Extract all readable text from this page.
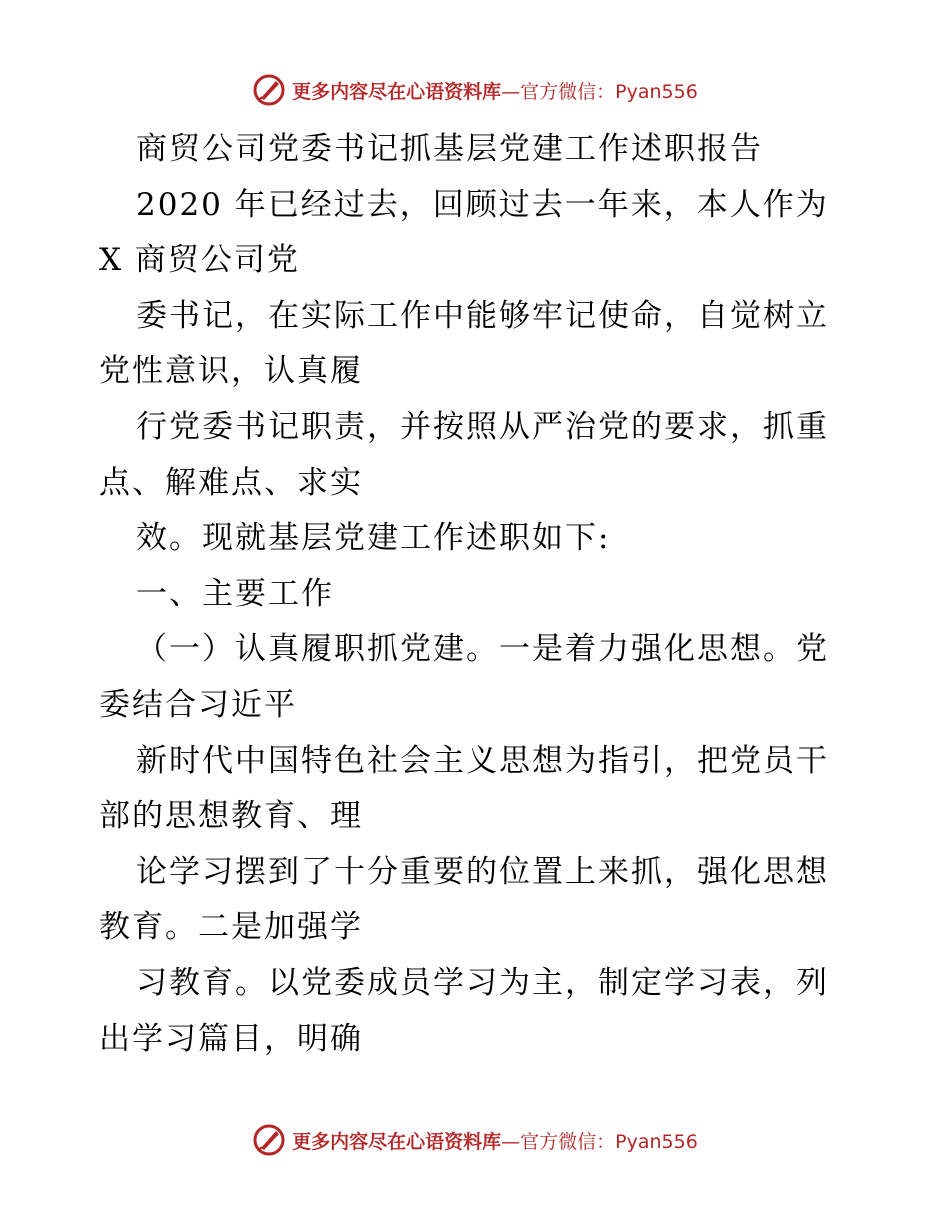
更多内容尽在心语资料库—官方微信：Pyan556
商贸公司党委书记抓基层党建工作述职报告
2020 年已经过去，回顾过去一年来，本人作为
X 商贸公司党
委书记，在实际工作中能够牢记使命，自觉树立
党性意识，认真履
行党委书记职责，并按照从严治党的要求，抓重
点、解难点、求实
效。现就基层党建工作述职如下:
一、主要工作
（一）认真履职抓党建。一是着力强化思想。党
委结合习近平
新时代中国特色社会主义思想为指引，把党员干
部的思想教育、理
论学习摆到了十分重要的位置上来抓，强化思想
教育。二是加强学
习教育。以党委成员学习为主，制定学习表，列
出学习篇目，明确
更多内容尽在心语资料库—官方微信：Pyan556
